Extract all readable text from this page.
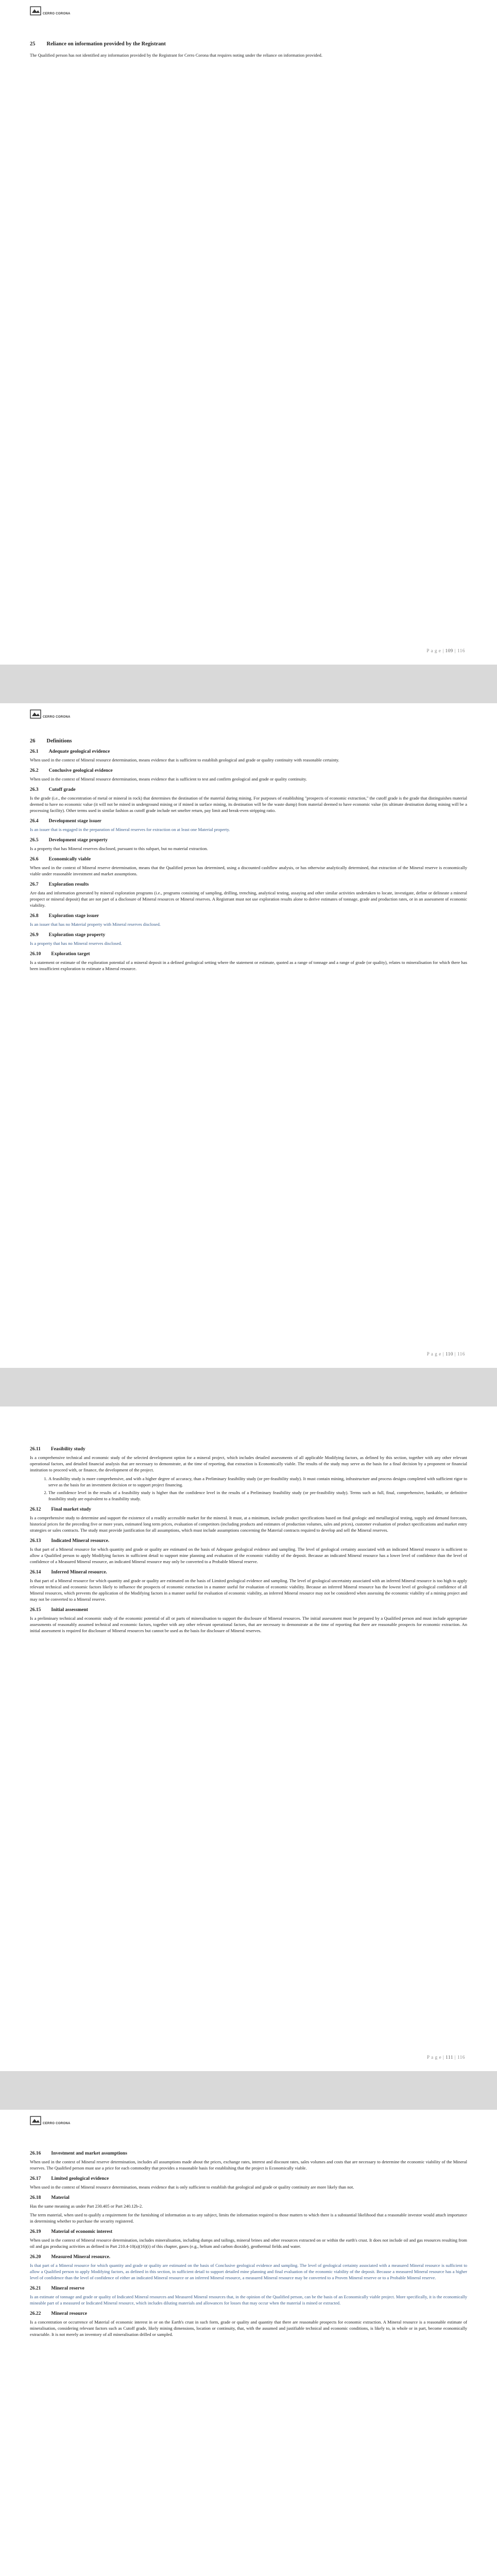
CERRO CORONA
25 Reliance on information provided by the Registrant

The Qualified person has not identified any information provided by the Registrant for Cerro Corona that requires noting under the reliance on information provided.

P a g e | 109 | 116
CERRO CORONA
26 Definitions
26.1 Adequate geological evidence

When used in the context of Mineral resource determination, means evidence that is sufficient to establish geological and grade or quality continuity with reasonable certainty.

26.2 Conclusive geological evidence

When used in the context of Mineral resource determination, means evidence that is sufficient to test and confirm geological and grade or quality continuity.

26.3 Cutoff grade

Is the grade (i.e., the concentration of metal or mineral in rock) that determines the destination of the material during mining. For purposes of establishing "prospects of economic extraction," the cutoff grade is the grade that distinguishes material deemed to have no economic value (it will not be mined in underground mining or if mined in surface mining, its destination will be the waste dump) from material deemed to have economic value (its ultimate destination during mining will be a processing facility). Other terms used in similar fashion as cutoff grade include net smelter return, pay limit and break-even stripping ratio.

26.4 Development stage issuer

Is an issuer that is engaged in the preparation of Mineral reserves for extraction on at least one Material property.

26.5 Development stage property

Is a property that has Mineral reserves disclosed, pursuant to this subpart, but no material extraction.

26.6 Economically viable

When used in the context of Mineral reserve determination, means that the Qualified person has determined, using a discounted cashflow analysis, or has otherwise analytically determined, that extraction of the Mineral reserve is economically viable under reasonable investment and market assumptions.

26.7 Exploration results

Are data and information generated by mineral exploration programs (i.e., programs consisting of sampling, drilling, trenching, analytical testing, assaying and other similar activities undertaken to locate, investigate, define or delineate a mineral prospect or mineral deposit) that are not part of a disclosure of Mineral resources or Mineral reserves. A Registrant must not use exploration results alone to derive estimates of tonnage, grade and production rates, or in an assessment of economic viability.

26.8 Exploration stage issuer

Is an issuer that has no Material property with Mineral reserves disclosed.

26.9 Exploration stage property

Is a property that has no Mineral reserves disclosed.

26.10 Exploration target

Is a statement or estimate of the exploration potential of a mineral deposit in a defined geological setting where the statement or estimate, quoted as a range of tonnage and a range of grade (or quality), relates to mineralisation for which there has been insufficient exploration to estimate a Mineral resource.

P a g e | 110 | 116
26.11 Feasibility study

Is a comprehensive technical and economic study of the selected development option for a mineral project, which includes detailed assessments of all applicable Modifying factors, as defined by this section, together with any other relevant operational factors, and detailed financial analysis that are necessary to demonstrate, at the time of reporting, that extraction is Economically viable. The results of the study may serve as the basis for a final decision by a proponent or financial institution to proceed with, or finance, the development of the project.

1. A feasibility study is more comprehensive, and with a higher degree of accuracy, than a Preliminary feasibility study (or pre-feasibility study). It must contain mining, infrastructure and process designs completed with sufficient rigor to serve as the basis for an investment decision or to support project financing.
2. The confidence level in the results of a feasibility study is higher than the confidence level in the results of a Preliminary feasibility study (or pre-feasibility study). Terms such as full, final, comprehensive, bankable, or definitive feasibility study are equivalent to a feasibility study.
26.12 Final market study

Is a comprehensive study to determine and support the existence of a readily accessible market for the mineral. It must, at a minimum, include product specifications based on final geologic and metallurgical testing, supply and demand forecasts, historical prices for the preceding five or more years, estimated long term prices, evaluation of competitors (including products and estimates of production volumes, sales and prices), customer evaluation of product specifications and market entry strategies or sales contracts. The study must provide justification for all assumptions, which must include assumptions concerning the Material contracts required to develop and sell the Mineral reserves.

26.13 Indicated Mineral resource.

Is that part of a Mineral resource for which quantity and grade or quality are estimated on the basis of Adequate geological evidence and sampling. The level of geological certainty associated with an indicated Mineral resource is sufficient to allow a Qualified person to apply Modifying factors in sufficient detail to support mine planning and evaluation of the economic viability of the deposit. Because an indicated Mineral resource has a lower level of confidence than the level of confidence of a Measured Mineral resource, an indicated Mineral resource may only be converted to a Probable Mineral reserve.

26.14 Inferred Mineral resource.

Is that part of a Mineral resource for which quantity and grade or quality are estimated on the basis of Limited geological evidence and sampling. The level of geological uncertainty associated with an inferred Mineral resource is too high to apply relevant technical and economic factors likely to influence the prospects of economic extraction in a manner useful for evaluation of economic viability. Because an inferred Mineral resource has the lowest level of geological confidence of all Mineral resources, which prevents the application of the Modifying factors in a manner useful for evaluation of economic viability, an inferred Mineral resource may not be considered when assessing the economic viability of a mining project and may not be converted to a Mineral reserve.

26.15 Initial assessment

Is a preliminary technical and economic study of the economic potential of all or parts of mineralisation to support the disclosure of Mineral resources. The initial assessment must be prepared by a Qualified person and must include appropriate assessments of reasonably assumed technical and economic factors, together with any other relevant operational factors, that are necessary to demonstrate at the time of reporting that there are reasonable prospects for economic extraction. An initial assessment is required for disclosure of Mineral resources but cannot be used as the basis for disclosure of Mineral reserves.

P a g e | 111 | 116
CERRO CORONA
26.16 Investment and market assumptions

When used in the context of Mineral reserve determination, includes all assumptions made about the prices, exchange rates, interest and discount rates, sales volumes and costs that are necessary to determine the economic viability of the Mineral reserves. The Qualified person must use a price for each commodity that provides a reasonable basis for establishing that the project is Economically viable.

26.17 Limited geological evidence

When used in the context of Mineral resource determination, means evidence that is only sufficient to establish that geological and grade or quality continuity are more likely than not.

26.18 Material

Has the same meaning as under Part 230.405 or Part 240.12b-2.

The term material, when used to qualify a requirement for the furnishing of information as to any subject, limits the information required to those matters to which there is a substantial likelihood that a reasonable investor would attach importance in determining whether to purchase the security registered.

26.19 Material of economic interest

When used in the context of Mineral resource determination, includes mineralisation, including dumps and tailings, mineral brines and other resources extracted on or within the earth's crust. It does not include oil and gas resources resulting from oil and gas producing activities as defined in Part 210.4-10(a)(16)(i) of this chapter, gases (e.g., helium and carbon dioxide), geothermal fields and water.

26.20 Measured Mineral resource.

Is that part of a Mineral resource for which quantity and grade or quality are estimated on the basis of Conclusive geological evidence and sampling. The level of geological certainty associated with a measured Mineral resource is sufficient to allow a Qualified person to apply Modifying factors, as defined in this section, in sufficient detail to support detailed mine planning and final evaluation of the economic viability of the deposit. Because a measured Mineral resource has a higher level of confidence than the level of confidence of either an indicated Mineral resource or an inferred Mineral resource, a measured Mineral resource may be converted to a Proven Mineral reserve or to a Probable Mineral reserve.

26.21 Mineral reserve

Is an estimate of tonnage and grade or quality of Indicated Mineral resources and Measured Mineral resources that, in the opinion of the Qualified person, can be the basis of an Economically viable project. More specifically, it is the economically mineable part of a measured or Indicated Mineral resource, which includes diluting materials and allowances for losses that may occur when the material is mined or extracted.

26.22 Mineral resource

Is a concentration or occurrence of Material of economic interest in or on the Earth's crust in such form, grade or quality and quantity that there are reasonable prospects for economic extraction. A Mineral resource is a reasonable estimate of mineralisation, considering relevant factors such as Cutoff grade, likely mining dimensions, location or continuity, that, with the assumed and justifiable technical and economic conditions, is likely to, in whole or in part, become economically extractable. It is not merely an inventory of all mineralisation drilled or sampled.
